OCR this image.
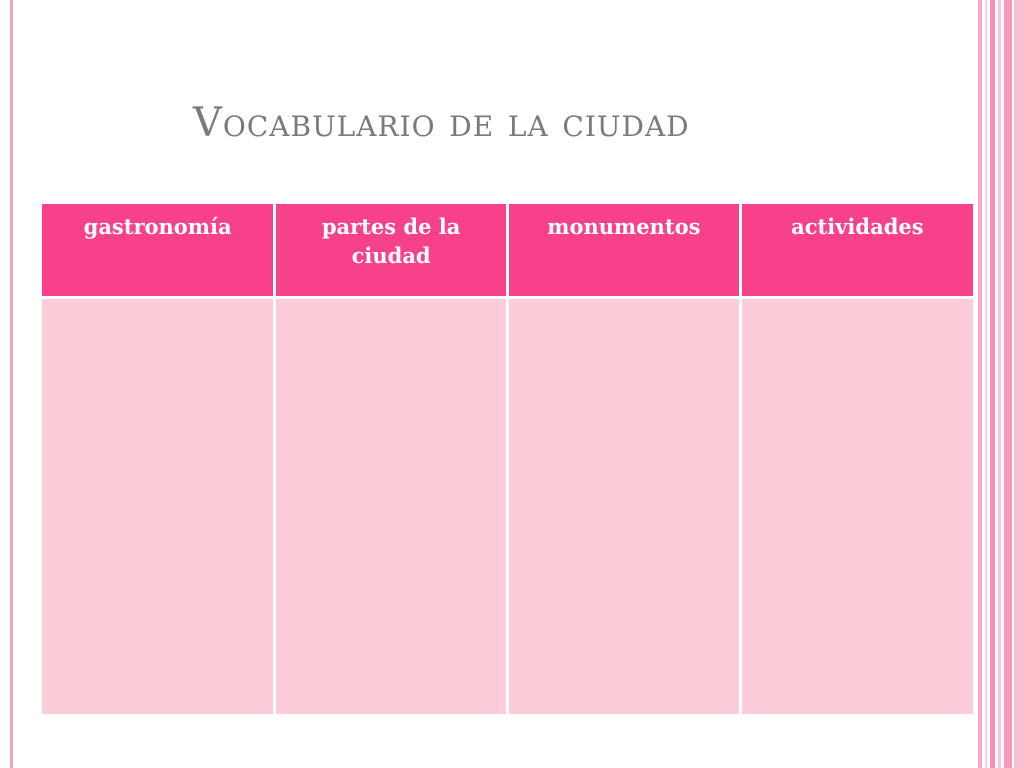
Vocabulario de la ciudad
gastronomía	partes de la ciudad	monumentos	actividades
